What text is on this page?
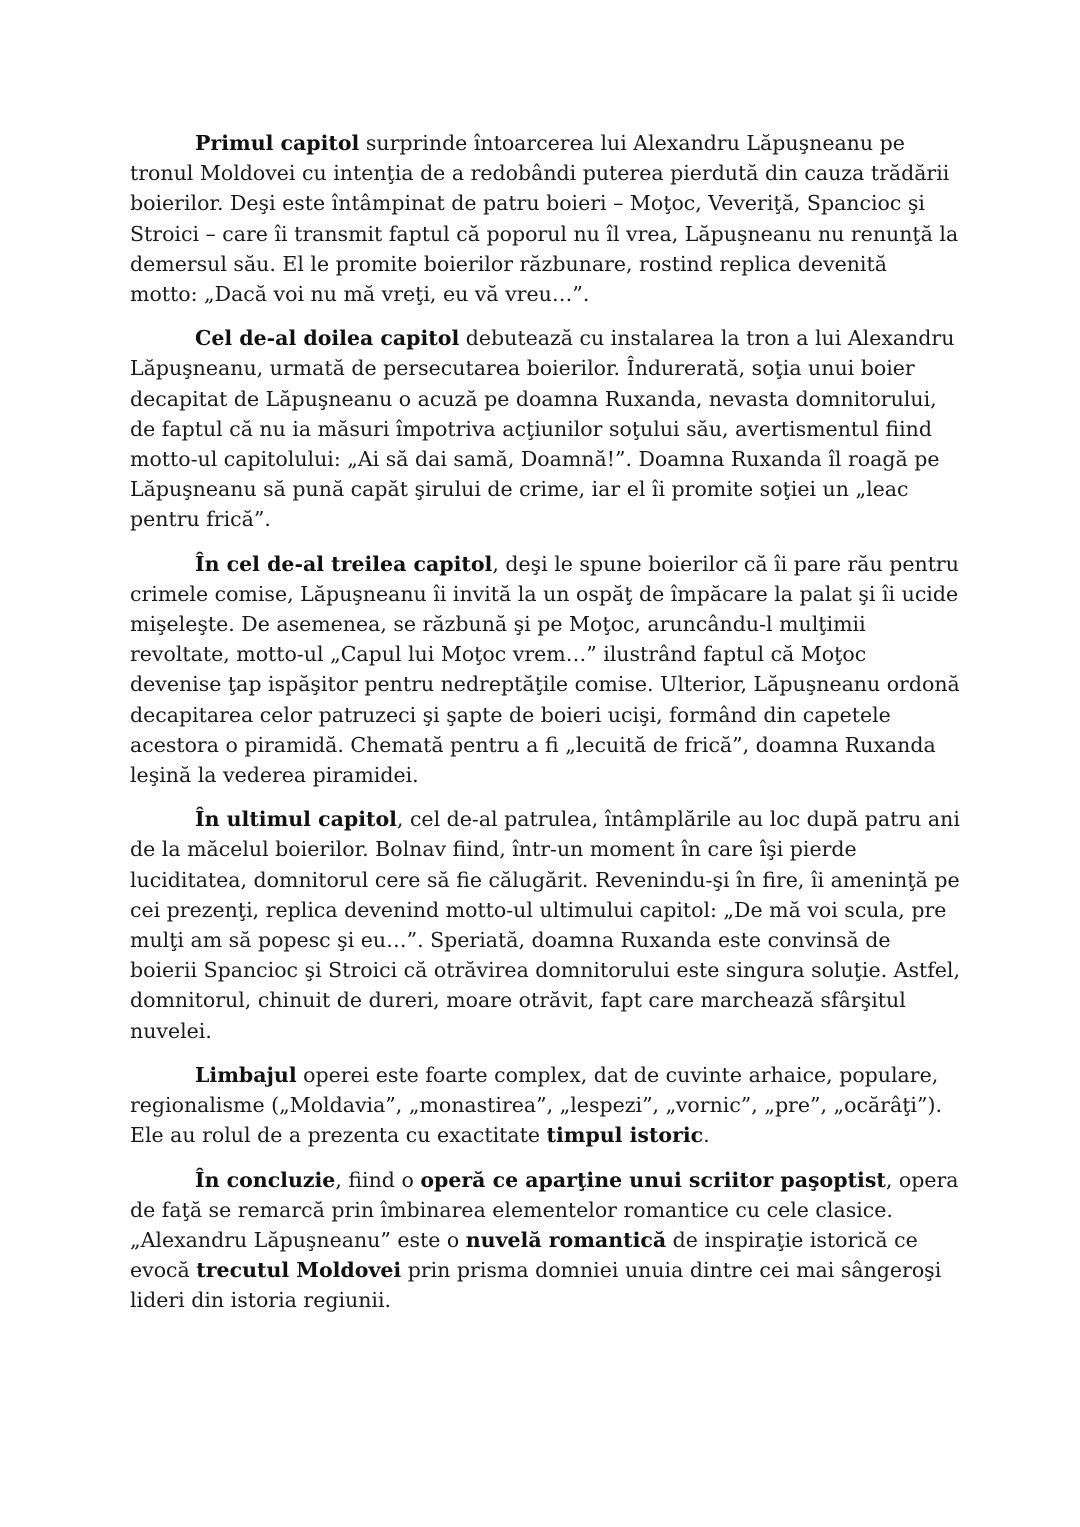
Primul capitol surprinde întoarcerea lui Alexandru Lăpuşneanu pe tronul Moldovei cu intenţia de a redobândi puterea pierdută din cauza trădării boierilor. Deşi este întâmpinat de patru boieri – Moţoc, Veveriţă, Spancioc şi Stroici – care îi transmit faptul că poporul nu îl vrea, Lăpuşneanu nu renunţă la demersul său. El le promite boierilor răzbunare, rostind replica devenită motto: „Dacă voi nu mă vreţi, eu vă vreu…”.

Cel de-al doilea capitol debutează cu instalarea la tron a lui Alexandru Lăpuşneanu, urmată de persecutarea boierilor. Îndurerată, soţia unui boier decapitat de Lăpuşneanu o acuză pe doamna Ruxanda, nevasta domnitorului, de faptul că nu ia măsuri împotriva acţiunilor soţului său, avertismentul fiind motto-ul capitolului: „Ai să dai samă, Doamnă!”. Doamna Ruxanda îl roagă pe Lăpuşneanu să pună capăt şirului de crime, iar el îi promite soţiei un „leac pentru frică”.

În cel de-al treilea capitol, deşi le spune boierilor că îi pare rău pentru crimele comise, Lăpuşneanu îi invită la un ospăţ de împăcare la palat şi îi ucide mişeleşte. De asemenea, se răzbună şi pe Moţoc, aruncându-l mulţimii revoltate, motto-ul „Capul lui Moţoc vrem…” ilustrând faptul că Moţoc devenise ţap ispăşitor pentru nedreptăţile comise. Ulterior, Lăpuşneanu ordonă decapitarea celor patruzeci şi şapte de boieri ucişi, formând din capetele acestora o piramidă. Chemată pentru a fi „lecuită de frică”, doamna Ruxanda leşină la vederea piramidei.

În ultimul capitol, cel de-al patrulea, întâmplările au loc după patru ani de la măcelul boierilor. Bolnav fiind, într-un moment în care îşi pierde luciditatea, domnitorul cere să fie călugărit. Revenindu-şi în fire, îi ameninţă pe cei prezenţi, replica devenind motto-ul ultimului capitol: „De mă voi scula, pre mulţi am să popesc şi eu…”. Speriată, doamna Ruxanda este convinsă de boierii Spancioc şi Stroici că otrăvirea domnitorului este singura soluţie. Astfel, domnitorul, chinuit de dureri, moare otrăvit, fapt care marchează sfârşitul nuvelei.

Limbajul operei este foarte complex, dat de cuvinte arhaice, populare, regionalisme („Moldavia”, „monastirea”, „lespezi”, „vornic”, „pre”, „ocărâţi”). Ele au rolul de a prezenta cu exactitate timpul istoric.

În concluzie, fiind o operă ce aparţine unui scriitor paşoptist, opera de faţă se remarcă prin îmbinarea elementelor romantice cu cele clasice. „Alexandru Lăpuşneanu” este o nuvelă romantică de inspiraţie istorică ce evocă trecutul Moldovei prin prisma domniei unuia dintre cei mai sângeroşi lideri din istoria regiunii.
